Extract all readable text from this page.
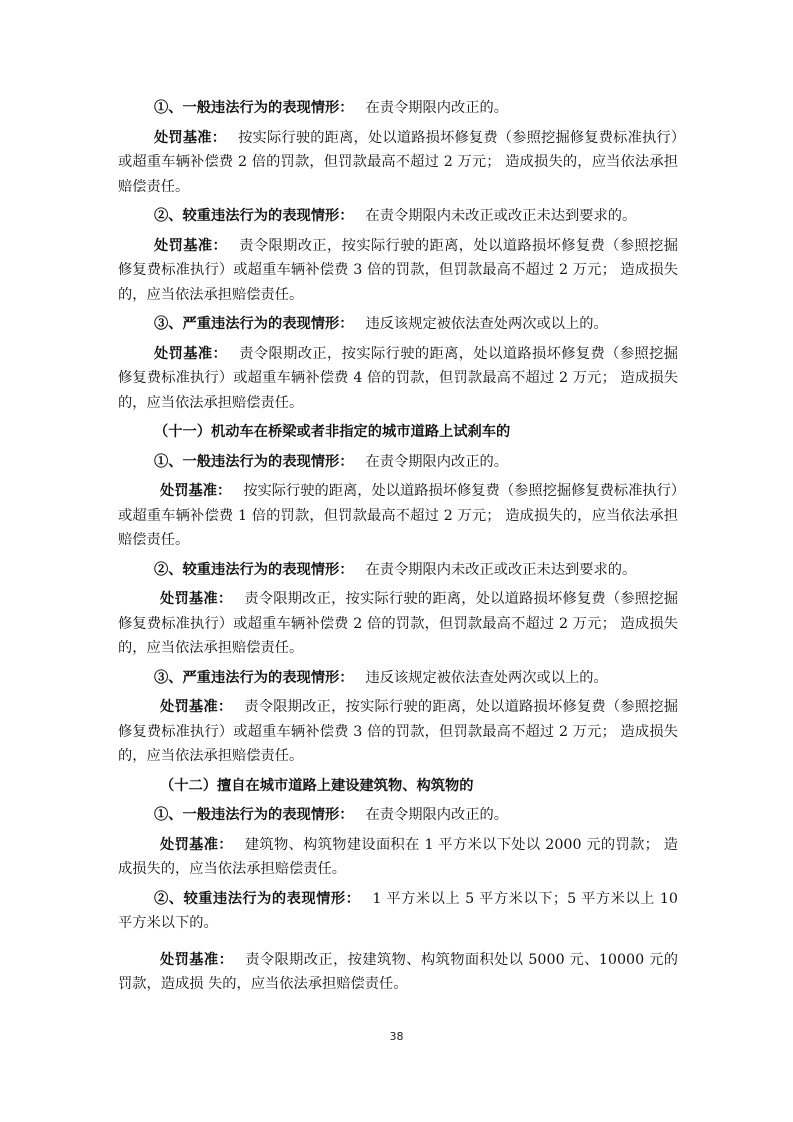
①、一般违法行为的表现情形： 在责令期限内改正的。

处罚基准： 按实际行驶的距离，处以道路损坏修复费（参照挖掘修复费标准执行）或超重车辆补偿费 2 倍的罚款，但罚款最高不超过 2 万元； 造成损失的，应当依法承担赔偿责任。

②、较重违法行为的表现情形： 在责令期限内未改正或改正未达到要求的。

处罚基准： 责令限期改正，按实际行驶的距离，处以道路损坏修复费（参照挖掘修复费标准执行）或超重车辆补偿费 3 倍的罚款，但罚款最高不超过 2 万元； 造成损失的，应当依法承担赔偿责任。

③、严重违法行为的表现情形： 违反该规定被依法查处两次或以上的。

处罚基准： 责令限期改正，按实际行驶的距离，处以道路损坏修复费（参照挖掘修复费标准执行）或超重车辆补偿费 4 倍的罚款，但罚款最高不超过 2 万元； 造成损失的，应当依法承担赔偿责任。

（十一）机动车在桥梁或者非指定的城市道路上试刹车的

①、一般违法行为的表现情形： 在责令期限内改正的。

处罚基准： 按实际行驶的距离，处以道路损坏修复费（参照挖掘修复费标准执行）或超重车辆补偿费 1 倍的罚款，但罚款最高不超过 2 万元； 造成损失的，应当依法承担赔偿责任。

②、较重违法行为的表现情形： 在责令期限内未改正或改正未达到要求的。

处罚基准： 责令限期改正，按实际行驶的距离，处以道路损坏修复费（参照挖掘修复费标准执行）或超重车辆补偿费 2 倍的罚款，但罚款最高不超过 2 万元； 造成损失的，应当依法承担赔偿责任。

③、严重违法行为的表现情形： 违反该规定被依法查处两次或以上的。

处罚基准： 责令限期改正，按实际行驶的距离，处以道路损坏修复费（参照挖掘修复费标准执行）或超重车辆补偿费 3 倍的罚款，但罚款最高不超过 2 万元； 造成损失的，应当依法承担赔偿责任。

（十二）擅自在城市道路上建设建筑物、构筑物的

①、一般违法行为的表现情形： 在责令期限内改正的。

处罚基准： 建筑物、构筑物建设面积在 1 平方米以下处以 2000 元的罚款； 造成损失的，应当依法承担赔偿责任。

②、较重违法行为的表现情形： 1 平方米以上 5 平方米以下；5 平方米以上 10 平方米以下的。

处罚基准： 责令限期改正，按建筑物、构筑物面积处以 5000 元、10000 元的罚款，造成损 失的，应当依法承担赔偿责任。

38
